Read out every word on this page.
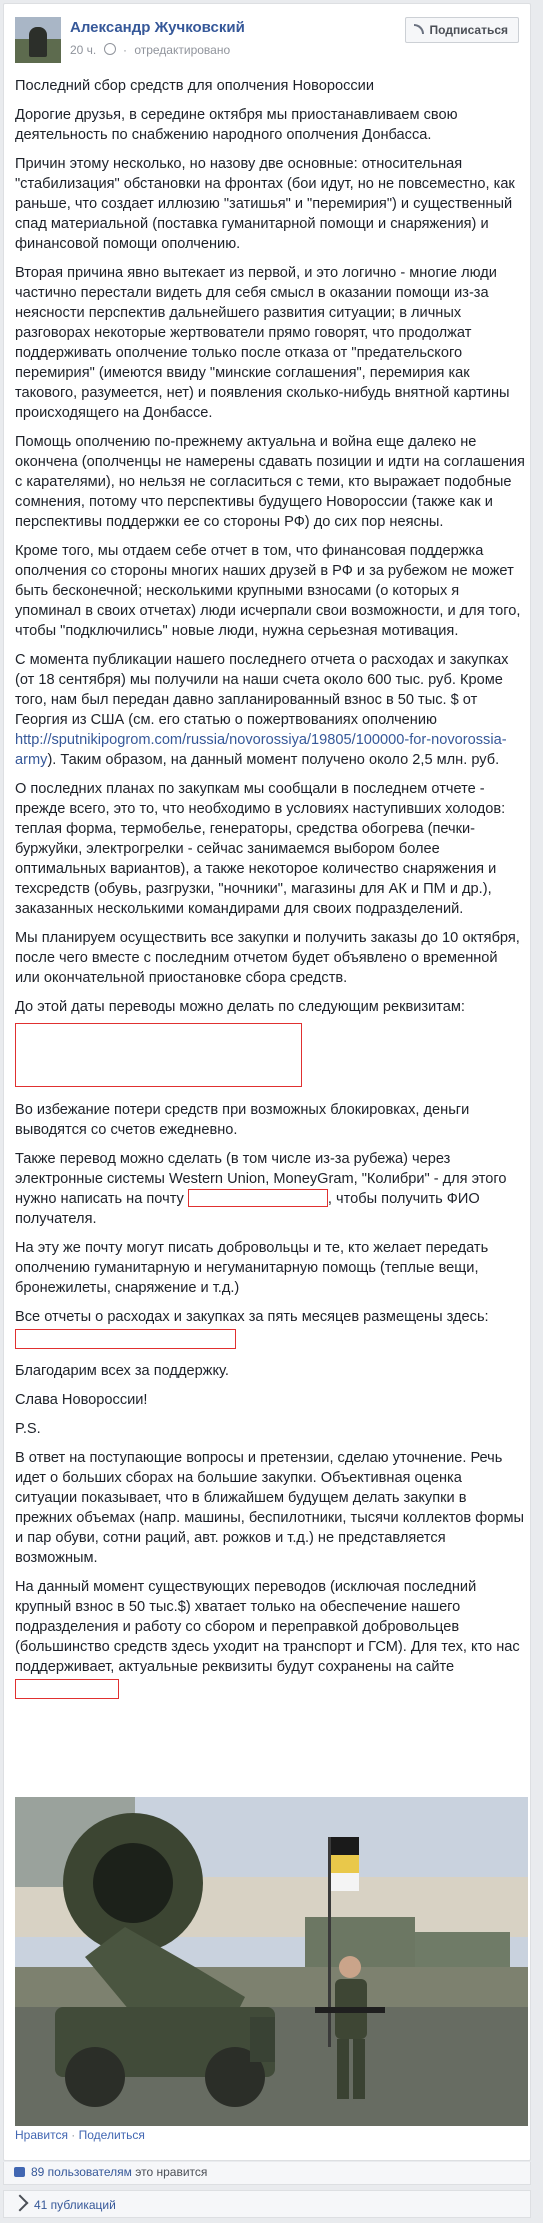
Александр Жучковский
20 ч. · отредактировано
Подписаться

Последний сбор средств для ополчения Новороссии

Дорогие друзья, в середине октября мы приостанавливаем свою деятельность по снабжению народного ополчения Донбасса.

Причин этому несколько, но назову две основные: относительная "стабилизация" обстановки на фронтах (бои идут, но не повсеместно, как раньше, что создает иллюзию "затишья" и "перемирия") и существенный спад материальной (поставка гуманитарной помощи и снаряжения) и финансовой помощи ополчению.

Вторая причина явно вытекает из первой, и это логично - многие люди частично перестали видеть для себя смысл в оказании помощи из-за неясности перспектив дальнейшего развития ситуации; в личных разговорах некоторые жертвователи прямо говорят, что продолжат поддерживать ополчение только после отказа от "предательского перемирия" (имеются ввиду "минские соглашения", перемирия как такового, разумеется, нет) и появления сколько-нибудь внятной картины происходящего на Донбассе.

Помощь ополчению по-прежнему актуальна и война еще далеко не окончена (ополченцы не намерены сдавать позиции и идти на соглашения с карателями), но нельзя не согласиться с теми, кто выражает подобные сомнения, потому что перспективы будущего Новороссии (также как и перспективы поддержки ее со стороны РФ) до сих пор неясны.

Кроме того, мы отдаем себе отчет в том, что финансовая поддержка ополчения со стороны многих наших друзей в РФ и за рубежом не может быть бесконечной; несколькими крупными взносами (о которых я упоминал в своих отчетах) люди исчерпали свои возможности, и для того, чтобы "подключились" новые люди, нужна серьезная мотивация.

С момента публикации нашего последнего отчета о расходах и закупках (от 18 сентября) мы получили на наши счета около 600 тыс. руб. Кроме того, нам был передан давно запланированный взнос в 50 тыс. $ от Георгия из США (см. его статью о пожертвованиях ополчению http://sputnikipogrom.com/russia/novorossiya/19805/100000-for-novorossia-army). Таким образом, на данный момент получено около 2,5 млн. руб.

О последних планах по закупкам мы сообщали в последнем отчете - прежде всего, это то, что необходимо в условиях наступивших холодов: теплая форма, термобелье, генераторы, средства обогрева (печки-буржуйки, электрогрелки - сейчас занимаемся выбором более оптимальных вариантов), а также некоторое количество снаряжения и техсредств (обувь, разгрузки, "ночники", магазины для АК и ПМ и др.), заказанных несколькими командирами для своих подразделений.

Мы планируем осуществить все закупки и получить заказы до 10 октября, после чего вместе с последним отчетом будет объявлено о временной или окончательной приостановке сбора средств.

До этой даты переводы можно делать по следующим реквизитам:

Во избежание потери средств при возможных блокировках, деньги выводятся со счетов ежедневно.

Также перевод можно сделать (в том числе из-за рубежа) через электронные системы Western Union, MoneyGram, "Колибри" - для этого нужно написать на почту	, чтобы получить ФИО получателя.

На эту же почту могут писать добровольцы и те, кто желает передать ополчению гуманитарную и негуманитарную помощь (теплые вещи, бронежилеты, снаряжение и т.д.)

Все отчеты о расходах и закупках за пять месяцев размещены здесь:

Благодарим всех за поддержку.

Слава Новороссии!

P.S.

В ответ на поступающие вопросы и претензии, сделаю уточнение. Речь идет о больших сборах на большие закупки. Объективная оценка ситуации показывает, что в ближайшем будущем делать закупки в прежних объемах (напр. машины, беспилотники, тысячи коллектов формы и пар обуви, сотни раций, авт. рожков и т.д.) не представляется возможным.

На данный момент существующих переводов (исключая последний крупный взнос в 50 тыс.$) хватает только на обеспечение нашего подразделения и работу со сбором и переправкой добровольцев (большинство средств здесь уходит на транспорт и ГСМ). Для тех, кто нас поддерживает, актуальные реквизиты будут сохранены на сайте

Нравится · Поделиться
89 пользователям это нравится
41 публикаций
